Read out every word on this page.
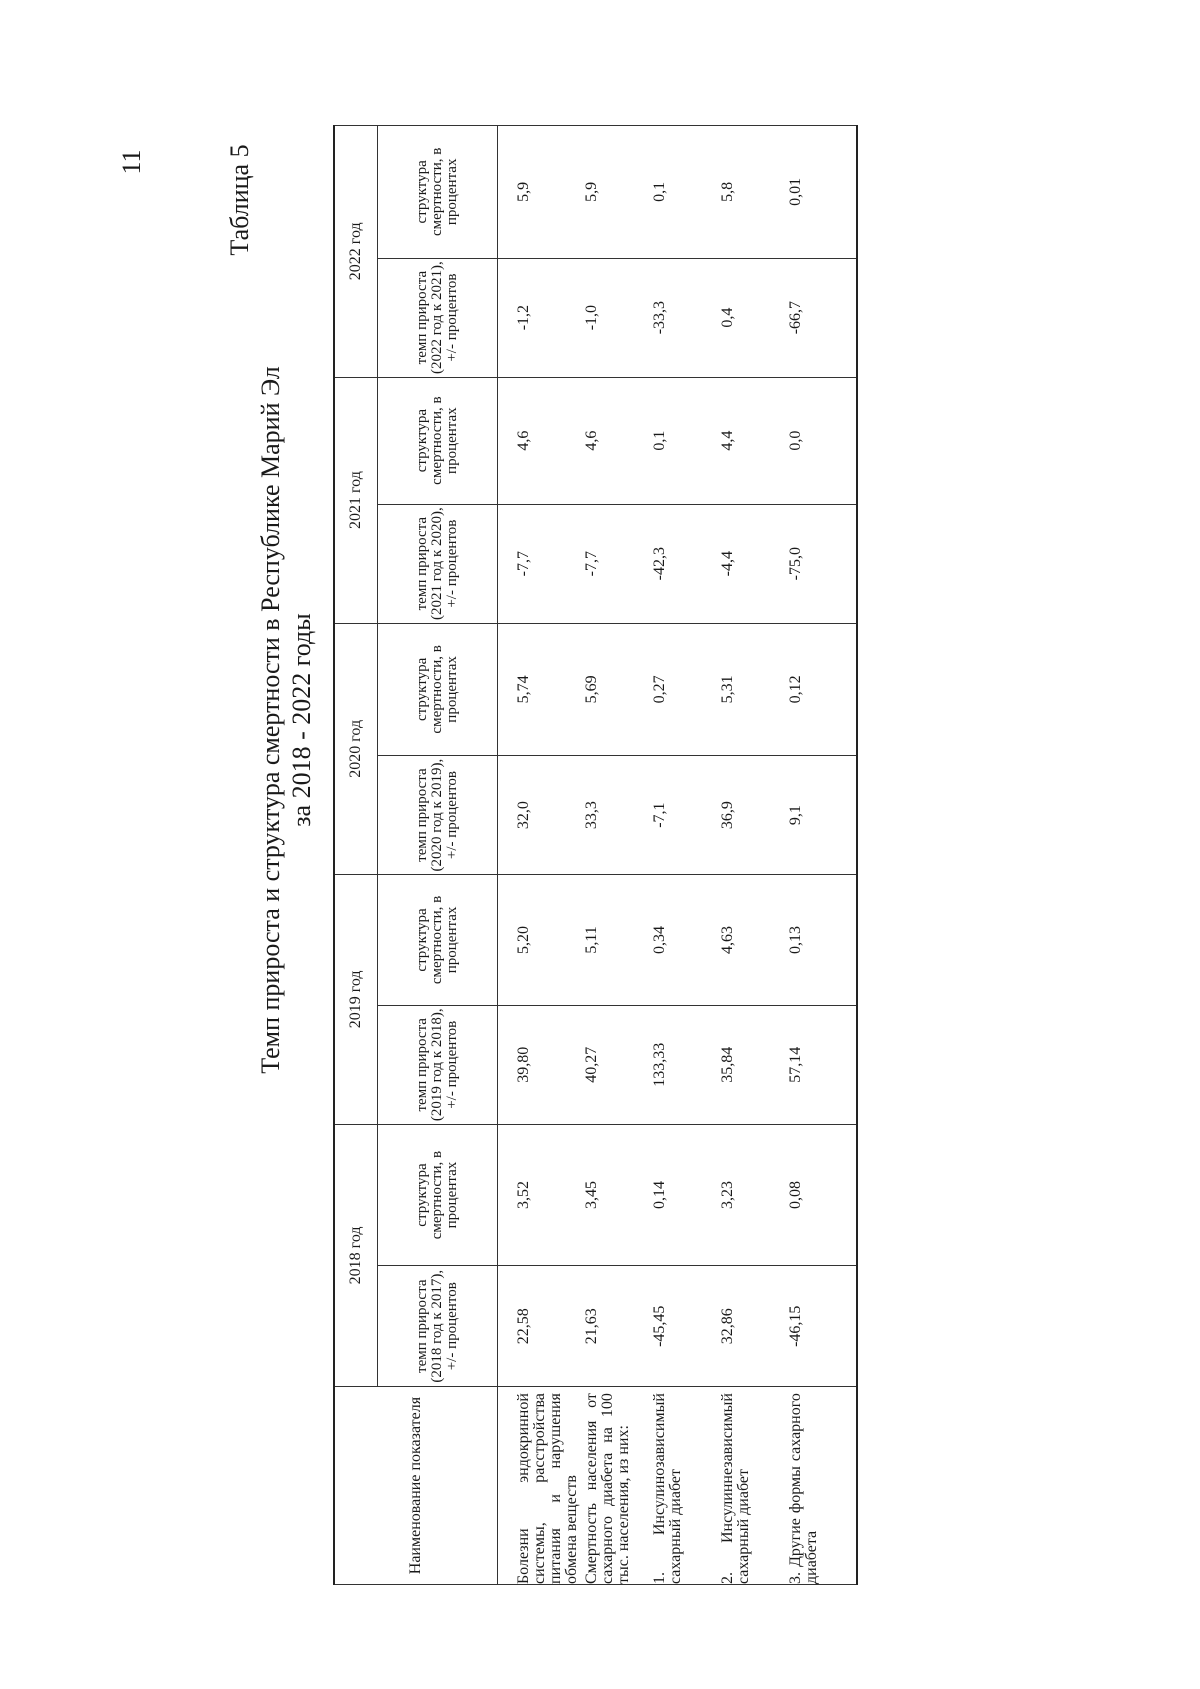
11	Таблица 5
Темп прироста и структура смертности в Республике Марий Эл за 2018 - 2022 годы
Наименование показателя	2018 год		2019 год		2020 год		2021 год		2022 год	
	темп прироста (2018 год к 2017), +/- процентов	структура смертности, в процентах	темп прироста (2019 год к 2018), +/- процентов	структура смертности, в процентах	темп прироста (2020 год к 2019), +/- процентов	структура смертности, в процентах	темп прироста (2021 год к 2020), +/- процентов	структура смертности, в процентах	темп прироста (2022 год к 2021), +/- процентов	структура смертности, в процентах
Болезни эндокринной системы, расстройства питания и нарушения обмена веществ	22,58	3,52	39,80	5,20	32,0	5,74	-7,7	4,6	-1,2	5,9
Смертность населения от сахарного диабета на 100 тыс. населения, из них:	21,63	3,45	40,27	5,11	33,3	5,69	-7,7	4,6	-1,0	5,9
1. Инсулинозависимый сахарный диабет	-45,45	0,14	133,33	0,34	-7,1	0,27	-42,3	0,1	-33,3	0,1
2. Инсулиннезависимый сахарный диабет	32,86	3,23	35,84	4,63	36,9	5,31	-4,4	4,4	0,4	5,8
3. Другие формы сахарного диабета	-46,15	0,08	57,14	0,13	9,1	0,12	-75,0	0,0	-66,7	0,01
